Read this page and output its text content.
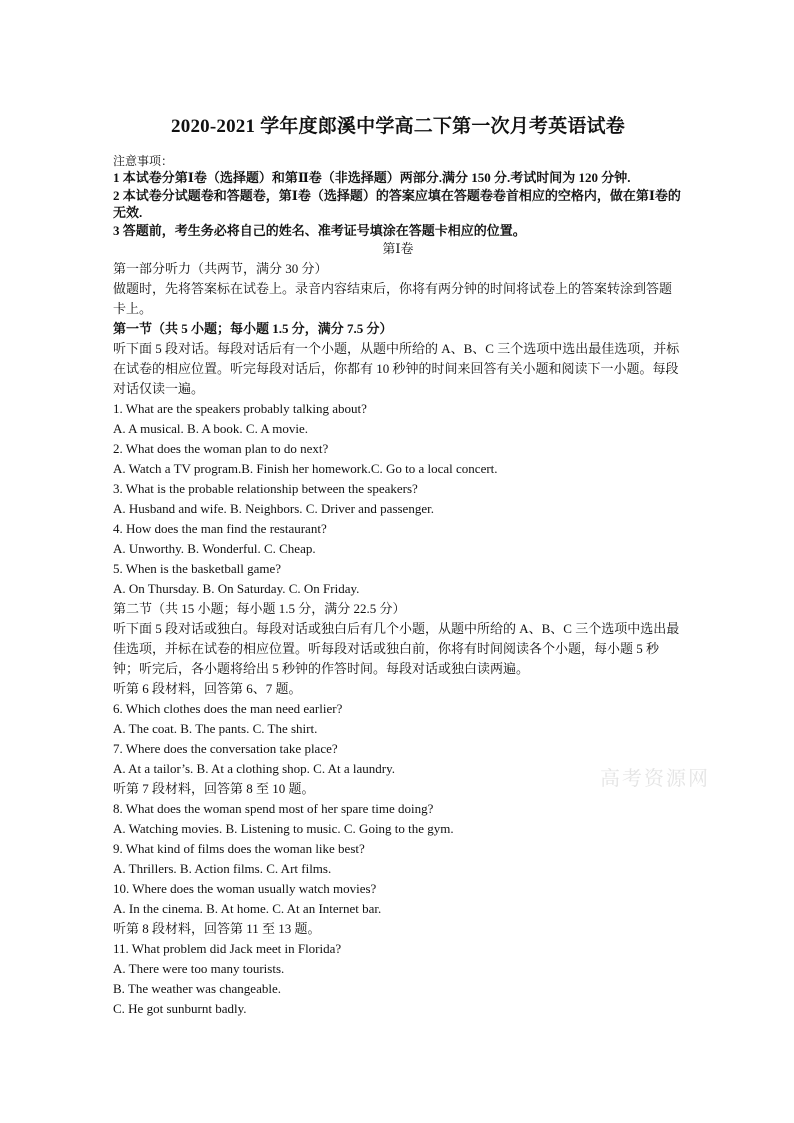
2020-2021 学年度郎溪中学高二下第一次月考英语试卷
注意事项：
1 本试卷分第Ⅰ卷（选择题）和第Ⅱ卷（非选择题）两部分.满分 150 分.考试时间为 120 分钟.
2 本试卷分试题卷和答题卷，第Ⅰ卷（选择题）的答案应填在答题卷卷首相应的空格内，做在第Ⅰ卷的无效.
3 答题前，考生务必将自己的姓名、准考证号填涂在答题卡相应的位置。
第Ⅰ卷
第一部分听力（共两节，满分 30 分）
做题时，先将答案标在试卷上。录音内容结束后，你将有两分钟的时间将试卷上的答案转涂到答题卡上。
第一节（共 5 小题；每小题 1.5 分，满分 7.5 分）
听下面 5 段对话。每段对话后有一个小题，从题中所给的 A、B、C 三个选项中选出最佳选项，并标在试卷的相应位置。听完每段对话后，你都有 10 秒钟的时间来回答有关小题和阅读下一小题。每段对话仅读一遍。
1. What are the speakers probably talking about?
A. A musical. B. A book. C. A movie.
2. What does the woman plan to do next?
A. Watch a TV program.B. Finish her homework.C. Go to a local concert.
3. What is the probable relationship between the speakers?
A. Husband and wife. B. Neighbors. C. Driver and passenger.
4. How does the man find the restaurant?
A. Unworthy. B. Wonderful. C. Cheap.
5. When is the basketball game?
A. On Thursday. B. On Saturday. C. On Friday.
第二节（共 15 小题；每小题 1.5 分，满分 22.5 分）
听下面 5 段对话或独白。每段对话或独白后有几个小题，从题中所给的 A、B、C 三个选项中选出最佳选项，并标在试卷的相应位置。听每段对话或独白前，你将有时间阅读各个小题，每小题 5 秒钟；听完后，各小题将给出 5 秒钟的作答时间。每段对话或独白读两遍。
听第 6 段材料，回答第 6、7 题。
6. Which clothes does the man need earlier?
A. The coat. B. The pants. C. The shirt.
7. Where does the conversation take place?
A. At a tailor’s. B. At a clothing shop. C. At a laundry.
听第 7 段材料，回答第 8 至 10 题。
8. What does the woman spend most of her spare time doing?
A. Watching movies. B. Listening to music. C. Going to the gym.
9. What kind of films does the woman like best?
A. Thrillers. B. Action films. C. Art films.
10. Where does the woman usually watch movies?
A. In the cinema. B. At home. C. At an Internet bar.
听第 8 段材料，回答第 11 至 13 题。
11. What problem did Jack meet in Florida?
A. There were too many tourists.
B. The weather was changeable.
C. He got sunburnt badly.
高考资源网
